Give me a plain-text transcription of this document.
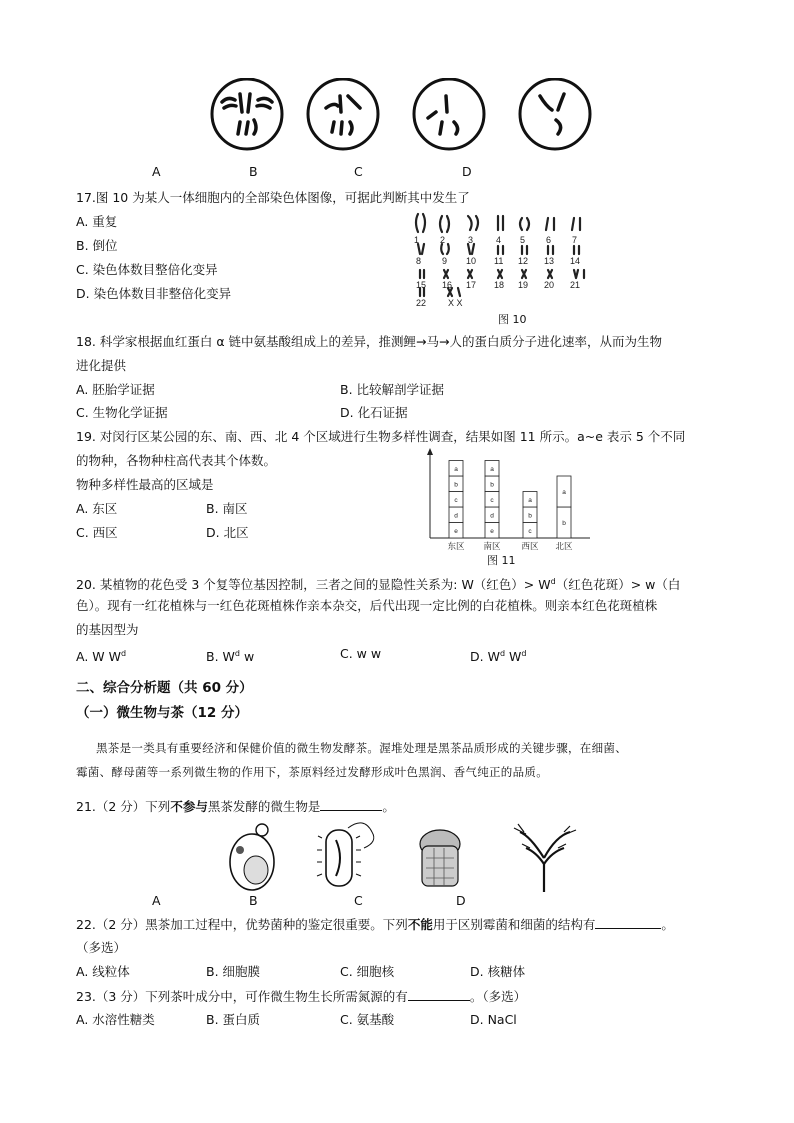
A	B	C	D
17.图 10 为某人一体细胞内的全部染色体图像，可据此判断其中发生了
A. 重复
B. 倒位
C. 染色体数目整倍化变异
D. 染色体数目非整倍化变异
1 2	3	4 5 6 7
8 9 10 11 12 13 14
15 16 17 18 19 20 21
22 X X
图 10
18. 科学家根据血红蛋白 α 链中氨基酸组成上的差异，推测鲤→马→人的蛋白质分子进化速率，从而为生物
进化提供
A. 胚胎学证据	B. 比较解剖学证据
C. 生物化学证据	D. 化石证据
19. 对闵行区某公园的东、南、西、北 4 个区域进行生物多样性调查，结果如图 11 所示。a~e 表示 5 个不同
的物种，各物种柱高代表其个体数。
物种多样性最高的区域是
A. 东区	B. 南区
C. 西区	D. 北区	e
d
c
b
a
e
d
c
b
a
c
b
a
b
a
东区 南区 西区 北区
图 11
20. 某植物的花色受 3 个复等位基因控制，三者之间的显隐性关系为: W（红色）> $W^d$（红色花斑）> w（白
色）。现有一红花植株与一红色花斑植株作亲本杂交，后代出现一定比例的白花植株。则亲本红色花斑植株
的基因型为
A. W $W^d$	B. $W^d$ w	C. w w	D. $W^d$ $W^d$
二、综合分析题（共 60 分）
（一）微生物与茶（12 分）
黑茶是一类具有重要经济和保健价值的微生物发酵茶。渥堆处理是黑茶品质形成的关键步骤，在细菌、
霉菌、酵母菌等一系列微生物的作用下，茶原料经过发酵形成叶色黑润、香气纯正的品质。
21.（2 分）下列不参与黑茶发酵的微生物是	。
A	B	C	D
22.（2 分）黑茶加工过程中，优势菌种的鉴定很重要。下列不能用于区别霉菌和细菌的结构有	。
（多选）
A. 线粒体	B. 细胞膜	C. 细胞核	D. 核糖体
23.（3 分）下列茶叶成分中，可作微生物生长所需氮源的有	。（多选）
A. 水溶性糖类	B. 蛋白质	C. 氨基酸	D. NaCl
